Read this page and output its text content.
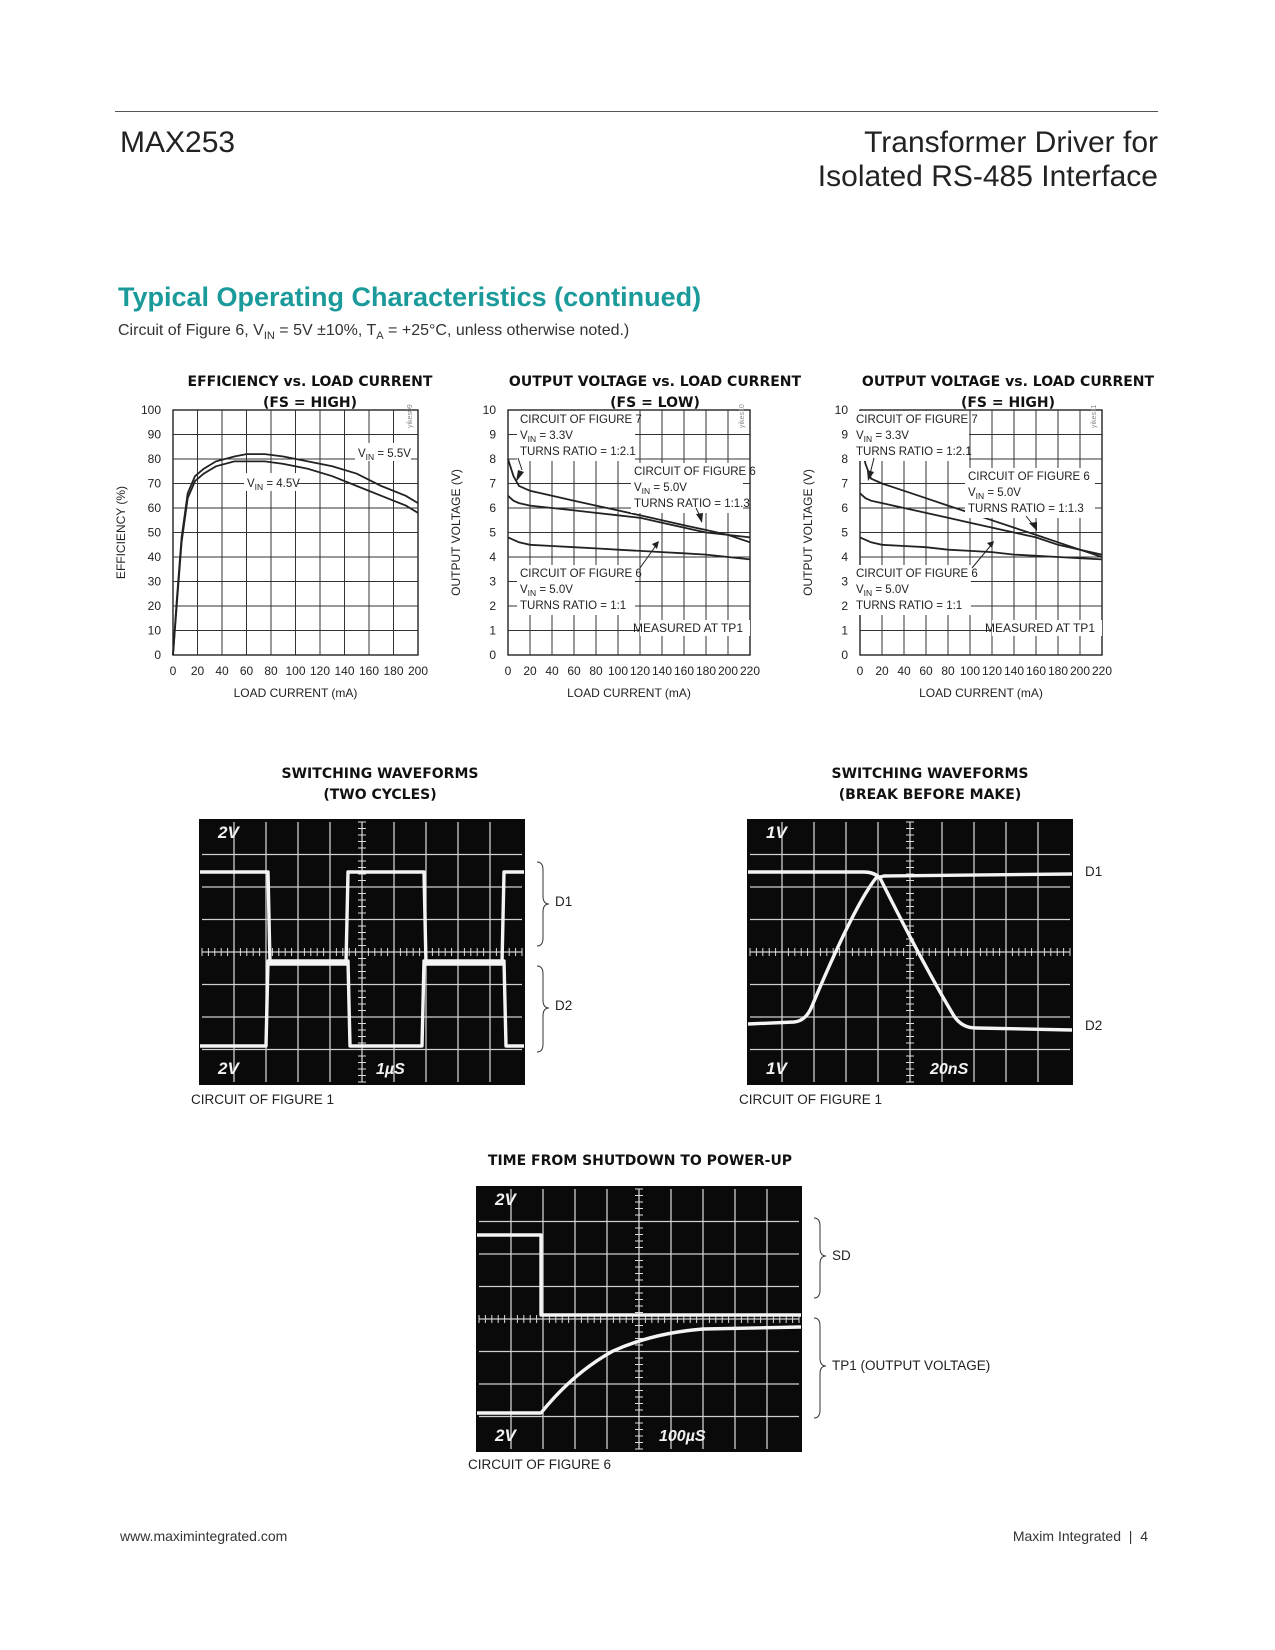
MAX253	Transformer Driver for
Isolated RS-485 Interface
Typical Operating Characteristics (continued)
Circuit of Figure 6, $V_{IN} = 5V \pm 10\%$, $T_A = +25^\circ C$, unless otherwise noted.)
EFFICIENCY vs. LOAD CURRENT
(FS = HIGH)
OUTPUT VOLTAGE vs. LOAD CURRENT
(FS = LOW)
OUTPUT VOLTAGE vs. LOAD CURRENT
(FS = HIGH)
0 20 40 60 80 100 120 140 160 180 200
0
10
20
30
40
50
60
70
80
90
100
LOAD CURRENT (mA)
EFFICIENCY (%)
yikes09
$V_{IN} = 4.5V$
$V_{IN} = 5.5V$
0 20 40 60 80 100 120 140 160 180 200 220
0
1
2
3
4
5
6
7
8
9
10
LOAD CURRENT (mA)
OUTPUT VOLTAGE (V)
yikes10
CIRCUIT OF FIGURE 7
$V_{IN} = 3.3V$
TURNS RATIO = 1:2.1
CIRCUIT OF FIGURE 6
$V_{IN} = 5.0V$
TURNS RATIO = 1:1.3
CIRCUIT OF FIGURE 6
$V_{IN} = 5.0V$
TURNS RATIO = 1:1
MEASURED AT TP1
0 20 40 60 80 100 120 140 160 180 200 220
0
1
2
3
4
5
6
7
8
9
10
LOAD CURRENT (mA)
OUTPUT VOLTAGE (V)
yikes11
CIRCUIT OF FIGURE 7
$V_{IN} = 3.3V$
TURNS RATIO = 1:2.1
CIRCUIT OF FIGURE 6
$V_{IN} = 5.0V$
TURNS RATIO = 1:1.3
CIRCUIT OF FIGURE 6
$V_{IN} = 5.0V$
TURNS RATIO = 1:1
MEASURED AT TP1
SWITCHING WAVEFORMS
(TWO CYCLES)
SWITCHING WAVEFORMS
(BREAK BEFORE MAKE)
TIME FROM SHUTDOWN TO POWER-UP
2V
2V	1µS
1V
1V	20nS
2V
2V	100µS
D1
D2
D1
D2
SD
TP1 (OUTPUT VOLTAGE)
CIRCUIT OF FIGURE 1	CIRCUIT OF FIGURE 1
CIRCUIT OF FIGURE 6
www.maximintegrated.com	Maxim Integrated | 4
